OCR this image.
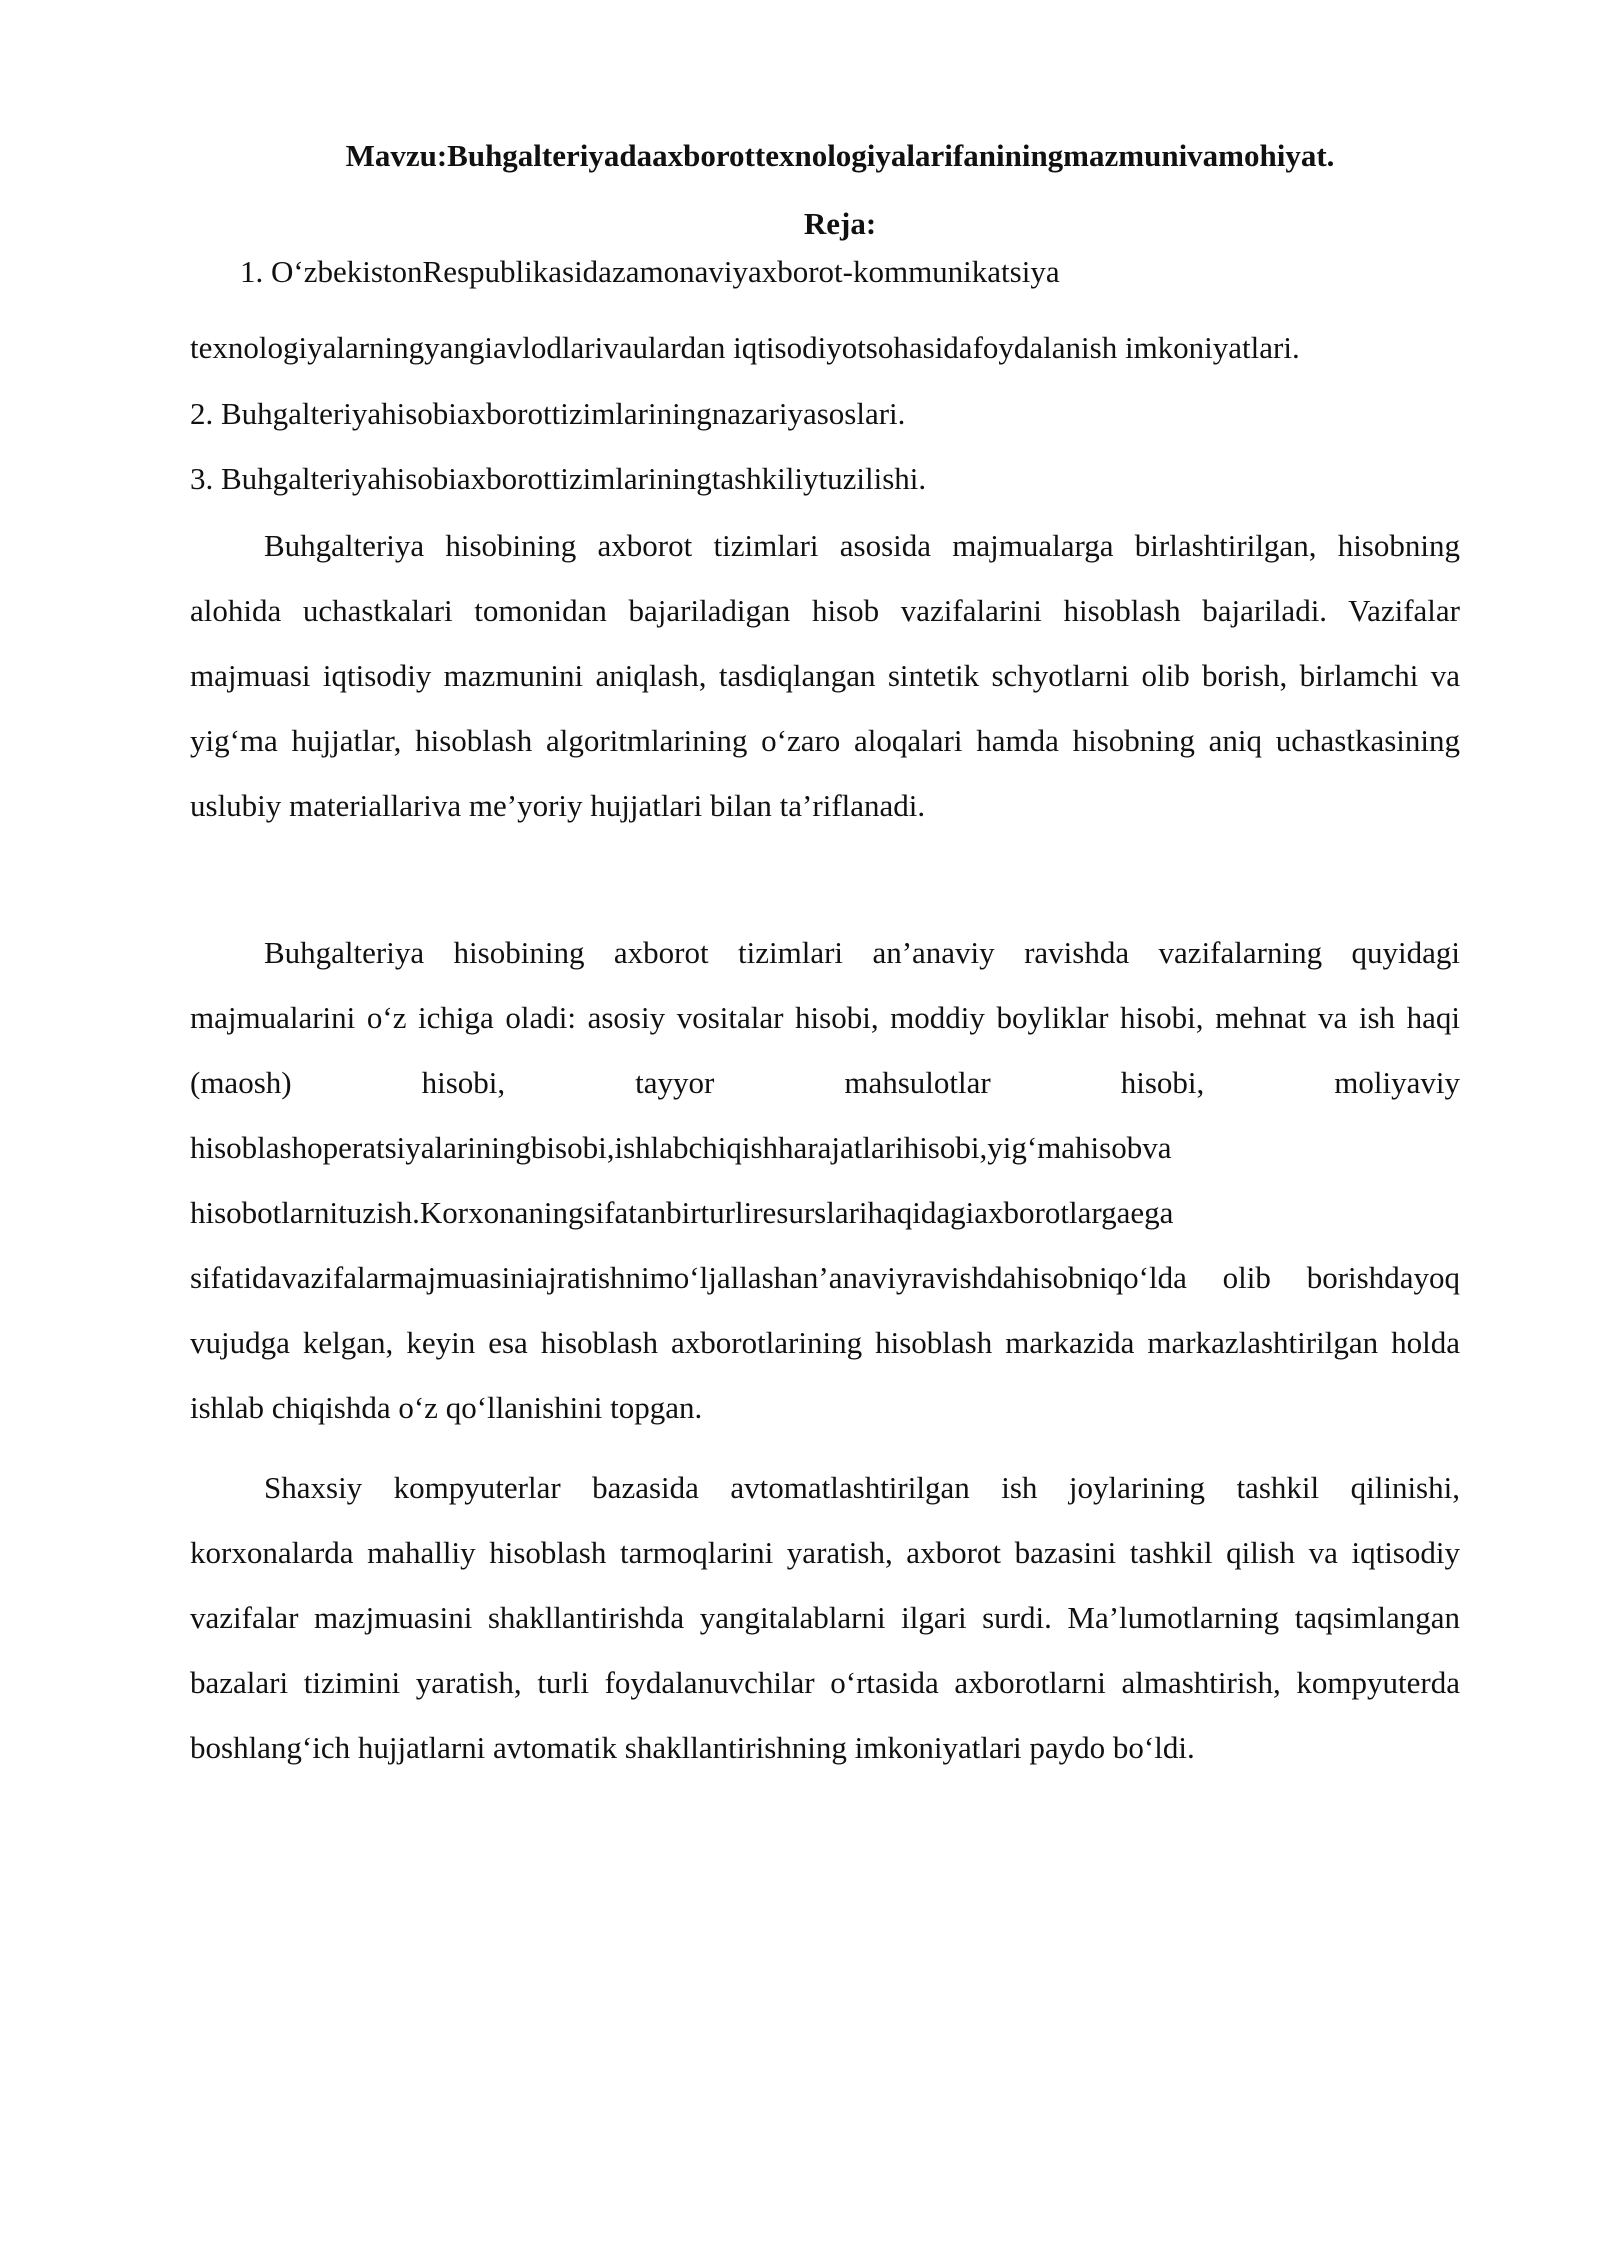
Mavzu:Buhgalteriyadaaxborottexnologiyalarifaniningmazmunivamohiyat.
Reja:
1. O‘zbekistonRespublikasidazamonaviyaxborot-kommunikatsiya
texnologiyalarningyangiavlodlarivaulardan iqtisodiyotsohasidafoydalanish imkoniyatlari.
2. Buhgalteriyahisobiaxborottizimlariningnazariyasoslari.
3. Buhgalteriyahisobiaxborottizimlariningtashkiliytuzilishi.

Buhgalteriya hisobining axborot tizimlari asosida majmualarga birlashtirilgan, hisobning alohida uchastkalari tomonidan bajariladigan hisob vazifalarini hisoblash bajariladi. Vazifalar majmuasi iqtisodiy mazmunini aniqlash, tasdiqlangan sintetik schyotlarni olib borish, birlamchi va yig‘ma hujjatlar, hisoblash algoritmlarining o‘zaro aloqalari hamda hisobning aniq uchastkasining uslubiy materiallariva me’yoriy hujjatlari bilan ta’riflanadi.

Buhgalteriya hisobining axborot tizimlari an’anaviy ravishda vazifalarning quyidagi majmualarini o‘z ichiga oladi: asosiy vositalar hisobi, moddiy boyliklar hisobi, mehnat va ish haqi (maosh) hisobi, tayyor mahsulotlar hisobi, moliyaviy hisoblashoperatsiyalariningbisobi,ishlabchiqishharajatlarihisobi,yig‘mahisobva hisobotlarnituzish.Korxonaningsifatanbirturliresurslarihaqidagiaxborotlargaega sifatidavazifalarmajmuasiniajratishnimo‘ljallashan’anaviyravishdahisobniqo‘lda olib borishdayoq vujudga kelgan, keyin esa hisoblash axborotlarining hisoblash markazida markazlashtirilgan holda ishlab chiqishda o‘z qo‘llanishini topgan.

Shaxsiy kompyuterlar bazasida avtomatlashtirilgan ish joylarining tashkil qilinishi, korxonalarda mahalliy hisoblash tarmoqlarini yaratish, axborot bazasini tashkil qilish va iqtisodiy vazifalar mazjmuasini shakllantirishda yangitalablarni ilgari surdi. Ma’lumotlarning taqsimlangan bazalari tizimini yaratish, turli foydalanuvchilar o‘rtasida axborotlarni almashtirish, kompyuterda boshlang‘ich hujjatlarni avtomatik shakllantirishning imkoniyatlari paydo bo‘ldi.
